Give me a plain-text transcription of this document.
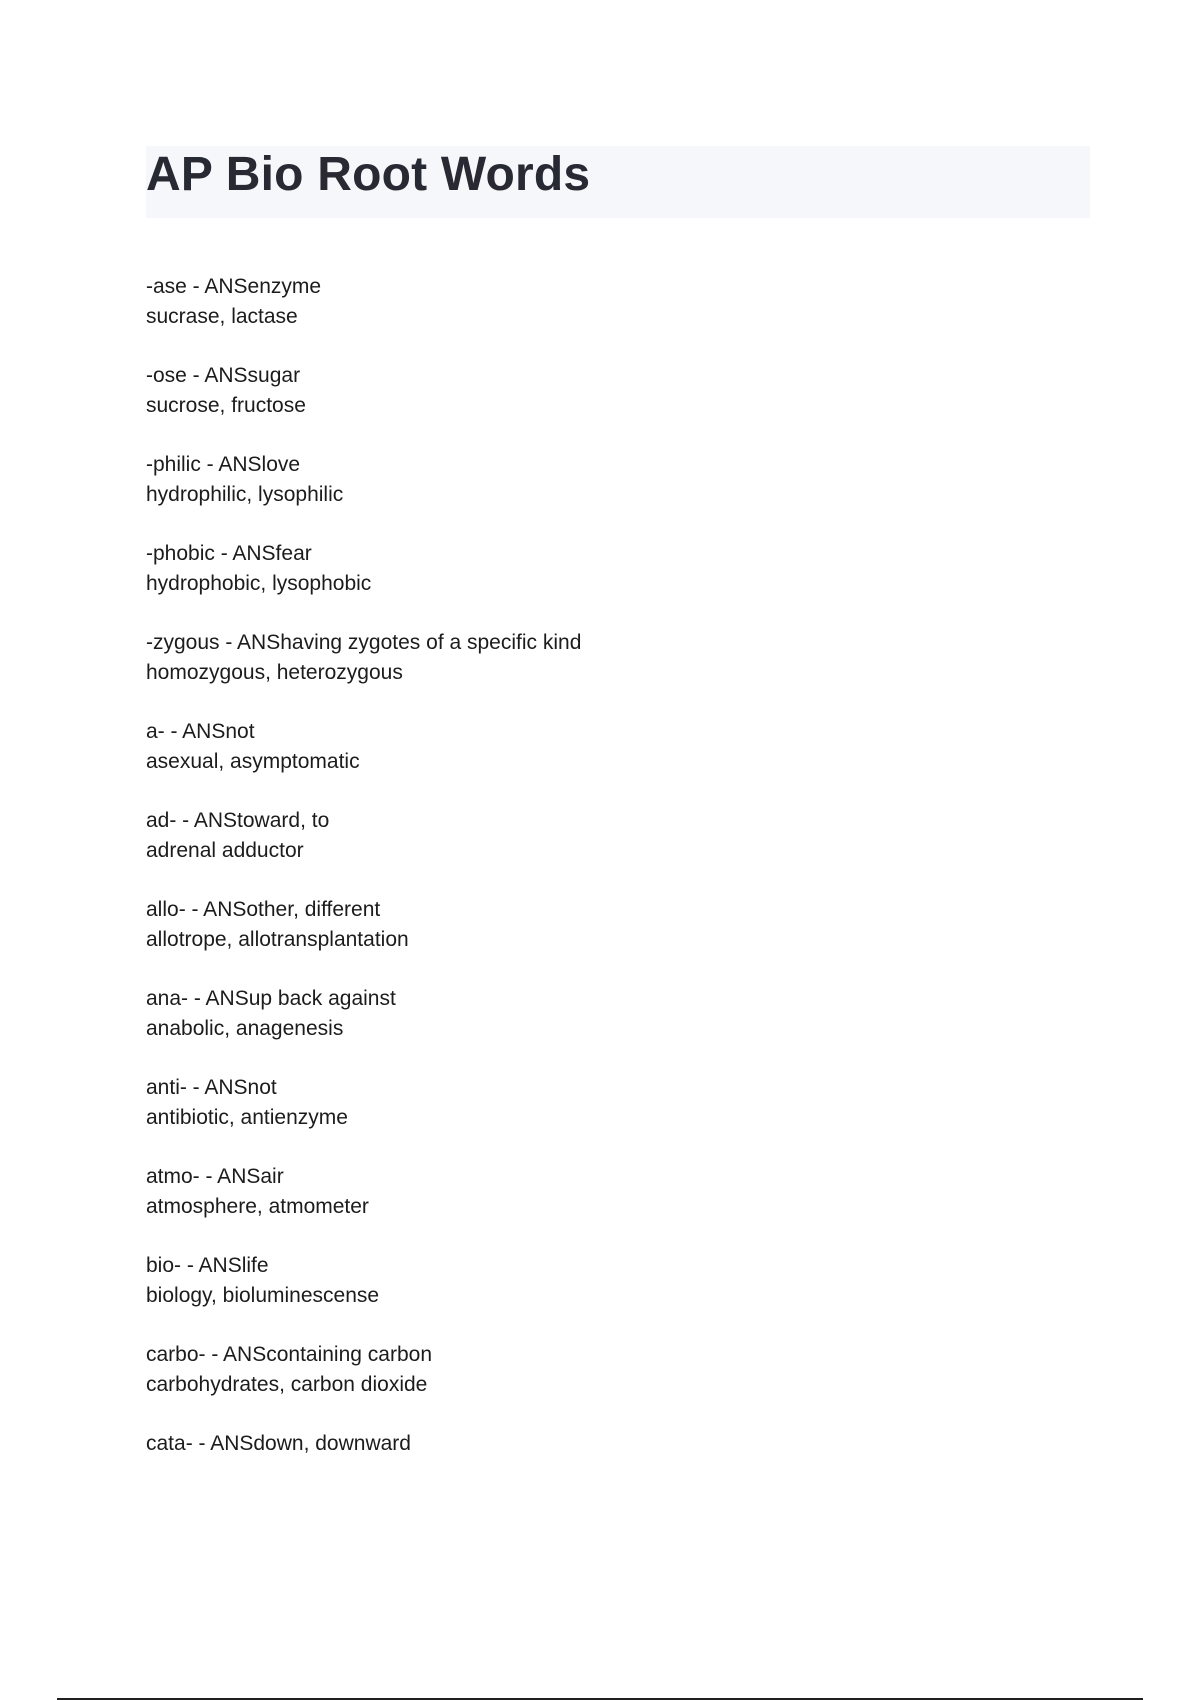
AP Bio Root Words
-ase - ANSenzyme
sucrase, lactase
-ose - ANSsugar
sucrose, fructose
-philic - ANSlove
hydrophilic, lysophilic
-phobic - ANSfear
hydrophobic, lysophobic
-zygous - ANShaving zygotes of a specific kind
homozygous, heterozygous
a- - ANSnot
asexual, asymptomatic
ad- - ANStoward, to
adrenal adductor
allo- - ANSother, different
allotrope, allotransplantation
ana- - ANSup back against
anabolic, anagenesis
anti- - ANSnot
antibiotic, antienzyme
atmo- - ANSair
atmosphere, atmometer
bio- - ANSlife
biology, bioluminescense
carbo- - ANScontaining carbon
carbohydrates, carbon dioxide
cata- - ANSdown, downward
